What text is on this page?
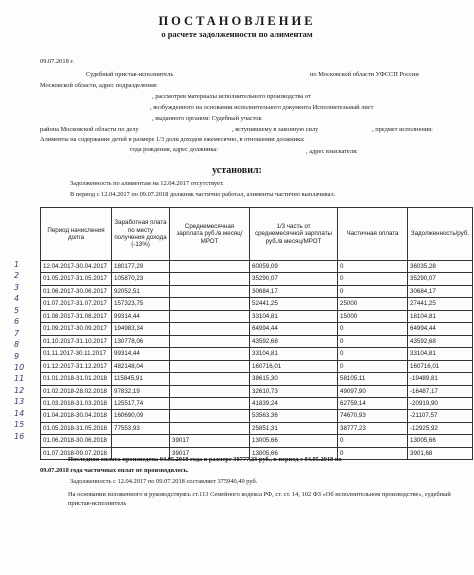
ПОСТАНОВЛЕНИЕ
о расчете задолженности по алиментам
09.07.2018 г.
Судебный пристав-исполнитель	по Московской области УФССП России
Московской области, адрес подразделения:
, рассмотрев материалы исполнительного производства от
, возбужденного на основании исполнительного документа Исполнительный лист
, выданного органом: Судебный участок
района Московской области по делу	, вступившему в законную силу	, предмет исполнения:
Алименты на содержание детей в размере 1/3 доли доходов ежемесячно, в отношении должника:
года рождения, адрес должника:	, адрес взыскателя:
установил:
Задолженность по алиментам на 12.04.2017 отсутствует.
В период с 12.04.2017 по 09.07.2018 должник частично работал, алименты частично выплачивал.
Период начисления долга	Заработная плата по месту получения дохода (-13%)	Среднемесячная зарплата руб./в месяц/МРОТ	1/3 часть от среднемесячной зарплаты руб./в месяц/МРОТ	Частичная оплата	Задолженность/руб.
12.04.2017-30.04.2017	180177,29		60059,09	0	36035,28
01.05.2017-31.05.2017	105870,23		35290,07	0	35290,07
01.06.2017-30.06.2017	92052,51		30684,17	0	30684,17
01.07.2017-31.07.2017	157323,75		52441,25	25000	27441,25
01.08.2017-31.08.2017	99314,44		33104,81	15000	18104,81
01.09.2017-30.09.2017	194983,34		64994,44	0	64994,44
01.10.2017-31.10.2017	130778,06		43592,68	0	43592,68
01.11.2017-30.11.2017	99314,44		33104,81	0	33104,81
01.12.2017-31.12.2017	482148,04		160716,01	0	160716,01
01.01.2018-31.01.2018	115845,91		38615,30	58105,11	-19489,81
01.02.2018-28.02.2018	97832,19		32610,73	49097,90	-16487,17
01.03.2018-31.03.2018	125517,74		41839,24	62759,14	-20919,90
01.04.2018-30.04.2018	160690,09		53563,36	74670,93	-21107,57
01.05.2018-31.05.2018	77553,93		25851,31	38777,23	-12925,92
01.06.2018-30.06.2018		39017	13005,66	0	13005,66
01.07.2018-09.07.2018		39017	13005,66	0	3901,68
1
2
3
4
5
6
7
8
9
10
11
12
13
14
15
16
Последняя оплата произведена 04.05.2018 года в размере 38777,23 руб., в период с 04.05.2018 по
09.07.2018 года частичных оплат не производилось.
Задолженность с 12.04.2017 по 09.07.2018 составляет 375940,49 руб.
На основании изложенного и руководствуясь ст.113 Семейного кодекса РФ, ст. ст. 14, 102 ФЗ «Об исполнительном производстве», судебный пристав-исполнитель
